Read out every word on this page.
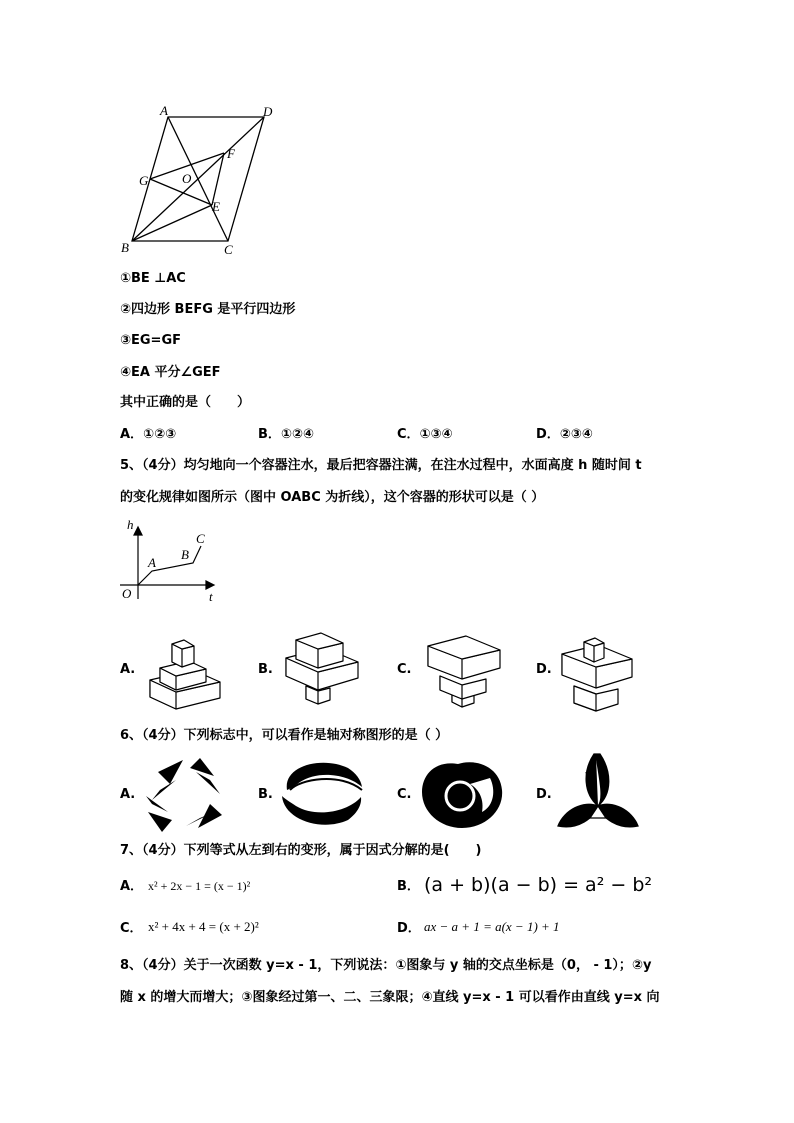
A	D
F
G	O
E
B	C
①BE ⊥AC
②四边形 BEFG 是平行四边形
③EG=GF
④EA 平分∠GEF
其中正确的是（　　）
A．①②③	B．①②④	C．①③④	D．②③④
5、（4分）均匀地向一个容器注水，最后把容器注满，在注水过程中，水面高度 h 随时间 t
的变化规律如图所示（图中 OABC 为折线），这个容器的形状可以是（ ）
h
t
O
A
B
C
A.	B.	C.	D.
6、（4分）下列标志中，可以看作是轴对称图形的是（ ）
A.	B.	C.	D.
7、（4分）下列等式从左到右的变形，属于因式分解的是(　　)
A． x² + 2x − 1 = (x − 1)²	B． (a + b)(a − b) = a² − b²
C． x² + 4x + 4 = (x + 2)²	D． ax − a + 1 = a(x − 1) + 1
8、（4分）关于一次函数 y=x - 1，下列说法：①图象与 y 轴的交点坐标是（0， - 1）；②y
随 x 的增大而增大；③图象经过第一、二、三象限；④直线 y=x - 1 可以看作由直线 y=x 向
